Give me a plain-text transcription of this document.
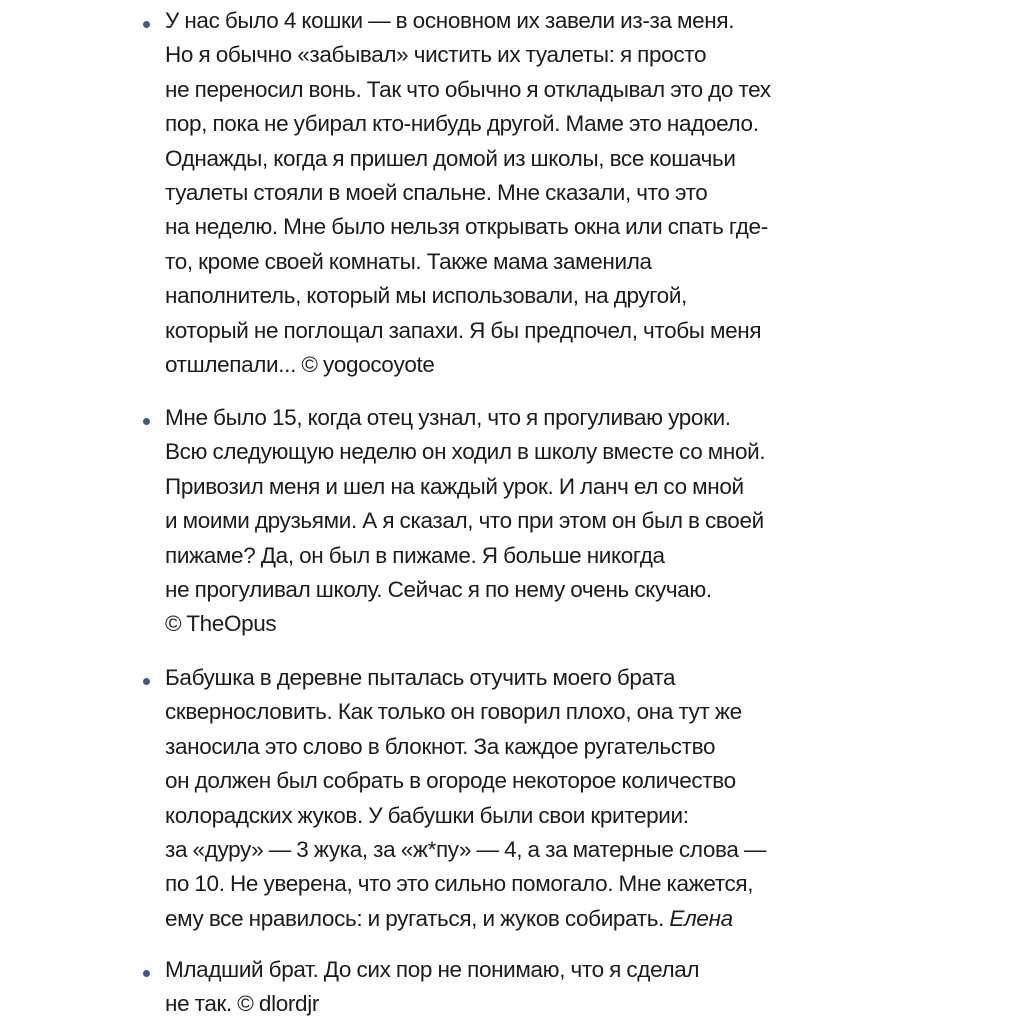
У нас было 4 кошки — в основном их завели из-за меня.
Но я обычно «забывал» чистить их туалеты: я просто
не переносил вонь. Так что обычно я откладывал это до тех
пор, пока не убирал кто-нибудь другой. Маме это надоело.
Однажды, когда я пришел домой из школы, все кошачьи
туалеты стояли в моей спальне. Мне сказали, что это
на неделю. Мне было нельзя открывать окна или спать где-
то, кроме своей комнаты. Также мама заменила
наполнитель, который мы использовали, на другой,
который не поглощал запахи. Я бы предпочел, чтобы меня
отшлепали... © yogocoyote

Мне было 15, когда отец узнал, что я прогуливаю уроки.
Всю следующую неделю он ходил в школу вместе со мной.
Привозил меня и шел на каждый урок. И ланч ел со мной
и моими друзьями. А я сказал, что при этом он был в своей
пижаме? Да, он был в пижаме. Я больше никогда
не прогуливал школу. Сейчас я по нему очень скучаю.
© TheOpus

Бабушка в деревне пыталась отучить моего брата
сквернословить. Как только он говорил плохо, она тут же
заносила это слово в блокнот. За каждое ругательство
он должен был собрать в огороде некоторое количество
колорадских жуков. У бабушки были свои критерии:
за «дуру» — 3 жука, за «ж*пу» — 4, а за матерные слова —
по 10. Не уверена, что это сильно помогало. Мне кажется,
ему все нравилось: и ругаться, и жуков собирать. Елена

Младший брат. До сих пор не понимаю, что я сделал
не так. © dlordjr
